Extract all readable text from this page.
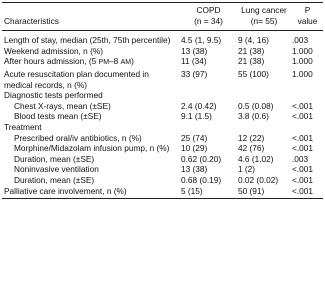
	COPD	Lung cancer	P
Characteristics	(n = 34)	(n= 55)	value
Length of stay, median (25th, 75th percentile)	4.5 (1, 9.5)	9 (4, 16)	.003
Weekend admission, n (%)	13 (38)	21 (38)	1.000
After hours admission, (5 PM–8 AM)	11 (34)	21 (38)	1.000
Acute resuscitation plan documented in medical records, n (%)	33 (97)	55 (100)	1.000
Diagnostic tests performed			
Chest X-rays, mean (±SE)	2.4 (0.42)	0.5 (0.08)	<.001
Blood tests mean (±SE)	9.1 (1.5)	3.8 (0.6)	<.001
Treatment			
Prescribed oral/iv antibiotics, n (%)	25 (74)	12 (22)	<.001
Morphine/Midazolam infusion pump, n (%)	10 (29)	42 (76)	<.001
Duration, mean (±SE)	0.62 (0.20)	4.6 (1.02)	.003
Noninvasive ventilation	13 (38)	1 (2)	<.001
Duration, mean (±SE)	0.68 (0.19)	0.02 (0.02)	<.001
Palliative care involvement, n (%)	5 (15)	50 (91)	<.001
